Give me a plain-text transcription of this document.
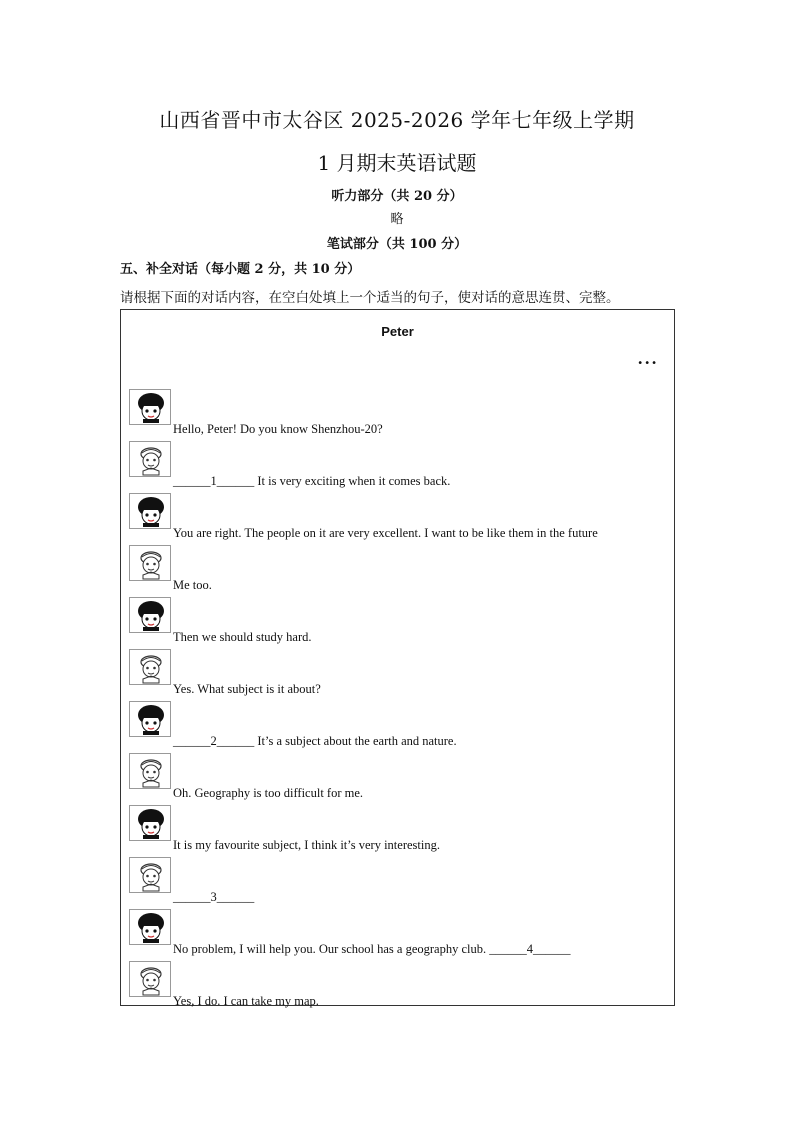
山西省晋中市太谷区 2025-2026 学年七年级上学期
1 月期末英语试题
听力部分（共 20 分）
略
笔试部分（共 100 分）
五、补全对话（每小题 2 分，共 10 分）
请根据下面的对话内容，在空白处填上一个适当的句子，使对话的意思连贯、完整。
Peter
•••
Hello, Peter! Do you know Shenzhou-20?
______1______ It is very exciting when it comes back.
You are right. The people on it are very excellent. I want to be like them in the future
Me too.
Then we should study hard.
Yes. What subject is it about?
______2______ It’s a subject about the earth and nature.
Oh. Geography is too difficult for me.
It is my favourite subject, I think it’s very interesting.
______3______
No problem, I will help you. Our school has a geography club. ______4______
Yes, I do. I can take my map.
